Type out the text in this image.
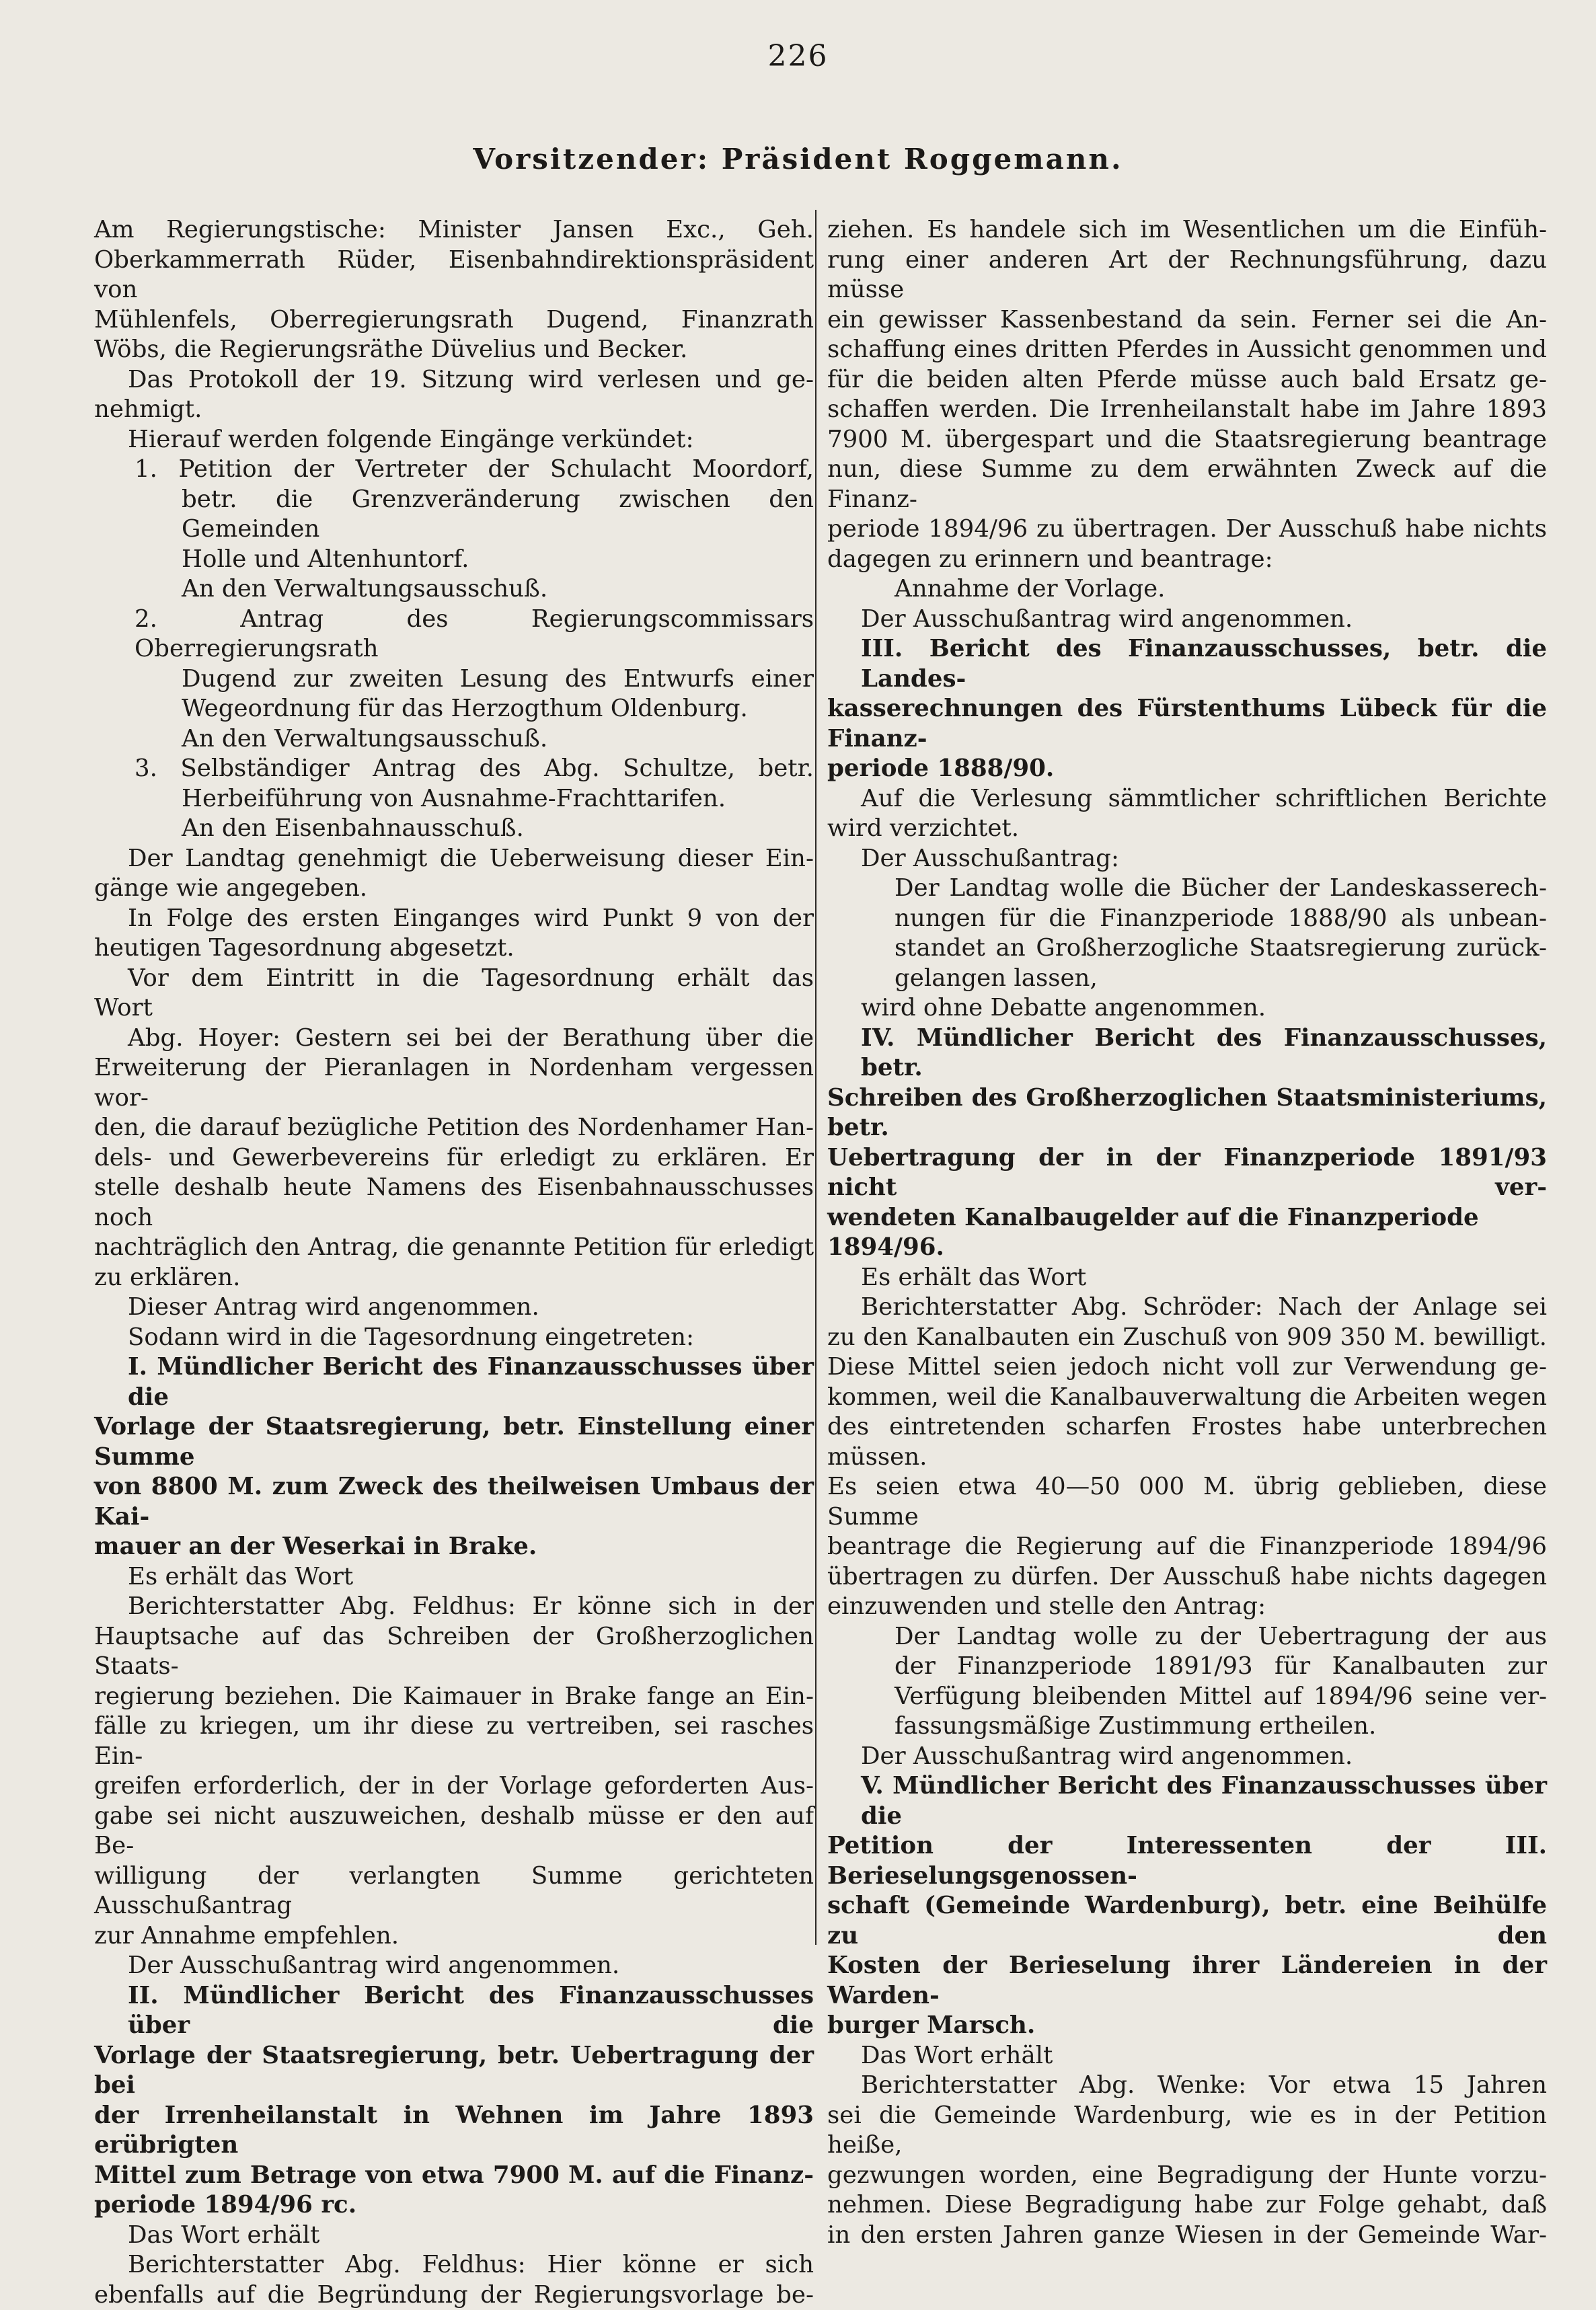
226
Vorsitzender: Präsident Roggemann.

Am Regierungstische: Minister Jansen Exc., Geh.

Oberkammerrath Rüder, Eisenbahndirektionspräsident von

Mühlenfels, Oberregierungsrath Dugend, Finanzrath

Wöbs, die Regierungsräthe Düvelius und Becker.

Das Protokoll der 19. Sitzung wird verlesen und ge-

nehmigt.

Hierauf werden folgende Eingänge verkündet:

1. Petition der Vertreter der Schulacht Moordorf,

betr. die Grenzveränderung zwischen den Gemeinden

Holle und Altenhuntorf.

An den Verwaltungsausschuß.

2. Antrag des Regierungscommissars Oberregierungsrath

Dugend zur zweiten Lesung des Entwurfs einer

Wegeordnung für das Herzogthum Oldenburg.

An den Verwaltungsausschuß.

3. Selbständiger Antrag des Abg. Schultze, betr.

Herbeiführung von Ausnahme-Frachttarifen.

An den Eisenbahnausschuß.

Der Landtag genehmigt die Ueberweisung dieser Ein-

gänge wie angegeben.

In Folge des ersten Einganges wird Punkt 9 von der

heutigen Tagesordnung abgesetzt.

Vor dem Eintritt in die Tagesordnung erhält das

Wort

Abg. Hoyer: Gestern sei bei der Berathung über die

Erweiterung der Pieranlagen in Nordenham vergessen wor-

den, die darauf bezügliche Petition des Nordenhamer Han-

dels- und Gewerbevereins für erledigt zu erklären. Er

stelle deshalb heute Namens des Eisenbahnausschusses noch

nachträglich den Antrag, die genannte Petition für erledigt

zu erklären.

Dieser Antrag wird angenommen.

Sodann wird in die Tagesordnung eingetreten:

I. Mündlicher Bericht des Finanzausschusses über die

Vorlage der Staatsregierung, betr. Einstellung einer Summe

von 8800 M. zum Zweck des theilweisen Umbaus der Kai-

mauer an der Weserkai in Brake.

Es erhält das Wort

Berichterstatter Abg. Feldhus: Er könne sich in der

Hauptsache auf das Schreiben der Großherzoglichen Staats-

regierung beziehen. Die Kaimauer in Brake fange an Ein-

fälle zu kriegen, um ihr diese zu vertreiben, sei rasches Ein-

greifen erforderlich, der in der Vorlage geforderten Aus-

gabe sei nicht auszuweichen, deshalb müsse er den auf Be-

willigung der verlangten Summe gerichteten Ausschußantrag

zur Annahme empfehlen.

Der Ausschußantrag wird angenommen.

II. Mündlicher Bericht des Finanzausschusses über die

Vorlage der Staatsregierung, betr. Uebertragung der bei

der Irrenheilanstalt in Wehnen im Jahre 1893 erübrigten

Mittel zum Betrage von etwa 7900 M. auf die Finanz-

periode 1894/96 rc.

Das Wort erhält

Berichterstatter Abg. Feldhus: Hier könne er sich

ebenfalls auf die Begründung der Regierungsvorlage be-

ziehen. Es handele sich im Wesentlichen um die Einfüh-

rung einer anderen Art der Rechnungsführung, dazu müsse

ein gewisser Kassenbestand da sein. Ferner sei die An-

schaffung eines dritten Pferdes in Aussicht genommen und

für die beiden alten Pferde müsse auch bald Ersatz ge-

schaffen werden. Die Irrenheilanstalt habe im Jahre 1893

7900 M. übergespart und die Staatsregierung beantrage

nun, diese Summe zu dem erwähnten Zweck auf die Finanz-

periode 1894/96 zu übertragen. Der Ausschuß habe nichts

dagegen zu erinnern und beantrage:

Annahme der Vorlage.

Der Ausschußantrag wird angenommen.

III. Bericht des Finanzausschusses, betr. die Landes-

kasserechnungen des Fürstenthums Lübeck für die Finanz-

periode 1888/90.

Auf die Verlesung sämmtlicher schriftlichen Berichte

wird verzichtet.

Der Ausschußantrag:

Der Landtag wolle die Bücher der Landeskasserech-

nungen für die Finanzperiode 1888/90 als unbean-

standet an Großherzogliche Staatsregierung zurück-

gelangen lassen,

wird ohne Debatte angenommen.

IV. Mündlicher Bericht des Finanzausschusses, betr.

Schreiben des Großherzoglichen Staatsministeriums, betr.

Uebertragung der in der Finanzperiode 1891/93 nicht ver-

wendeten Kanalbaugelder auf die Finanzperiode 1894/96.

Es erhält das Wort

Berichterstatter Abg. Schröder: Nach der Anlage sei

zu den Kanalbauten ein Zuschuß von 909 350 M. bewilligt.

Diese Mittel seien jedoch nicht voll zur Verwendung ge-

kommen, weil die Kanalbauverwaltung die Arbeiten wegen

des eintretenden scharfen Frostes habe unterbrechen müssen.

Es seien etwa 40—50 000 M. übrig geblieben, diese Summe

beantrage die Regierung auf die Finanzperiode 1894/96

übertragen zu dürfen. Der Ausschuß habe nichts dagegen

einzuwenden und stelle den Antrag:

Der Landtag wolle zu der Uebertragung der aus

der Finanzperiode 1891/93 für Kanalbauten zur

Verfügung bleibenden Mittel auf 1894/96 seine ver-

fassungsmäßige Zustimmung ertheilen.

Der Ausschußantrag wird angenommen.

V. Mündlicher Bericht des Finanzausschusses über die

Petition der Interessenten der III. Berieselungsgenossen-

schaft (Gemeinde Wardenburg), betr. eine Beihülfe zu den

Kosten der Berieselung ihrer Ländereien in der Warden-

burger Marsch.

Das Wort erhält

Berichterstatter Abg. Wenke: Vor etwa 15 Jahren

sei die Gemeinde Wardenburg, wie es in der Petition heiße,

gezwungen worden, eine Begradigung der Hunte vorzu-

nehmen. Diese Begradigung habe zur Folge gehabt, daß

in den ersten Jahren ganze Wiesen in der Gemeinde War-
